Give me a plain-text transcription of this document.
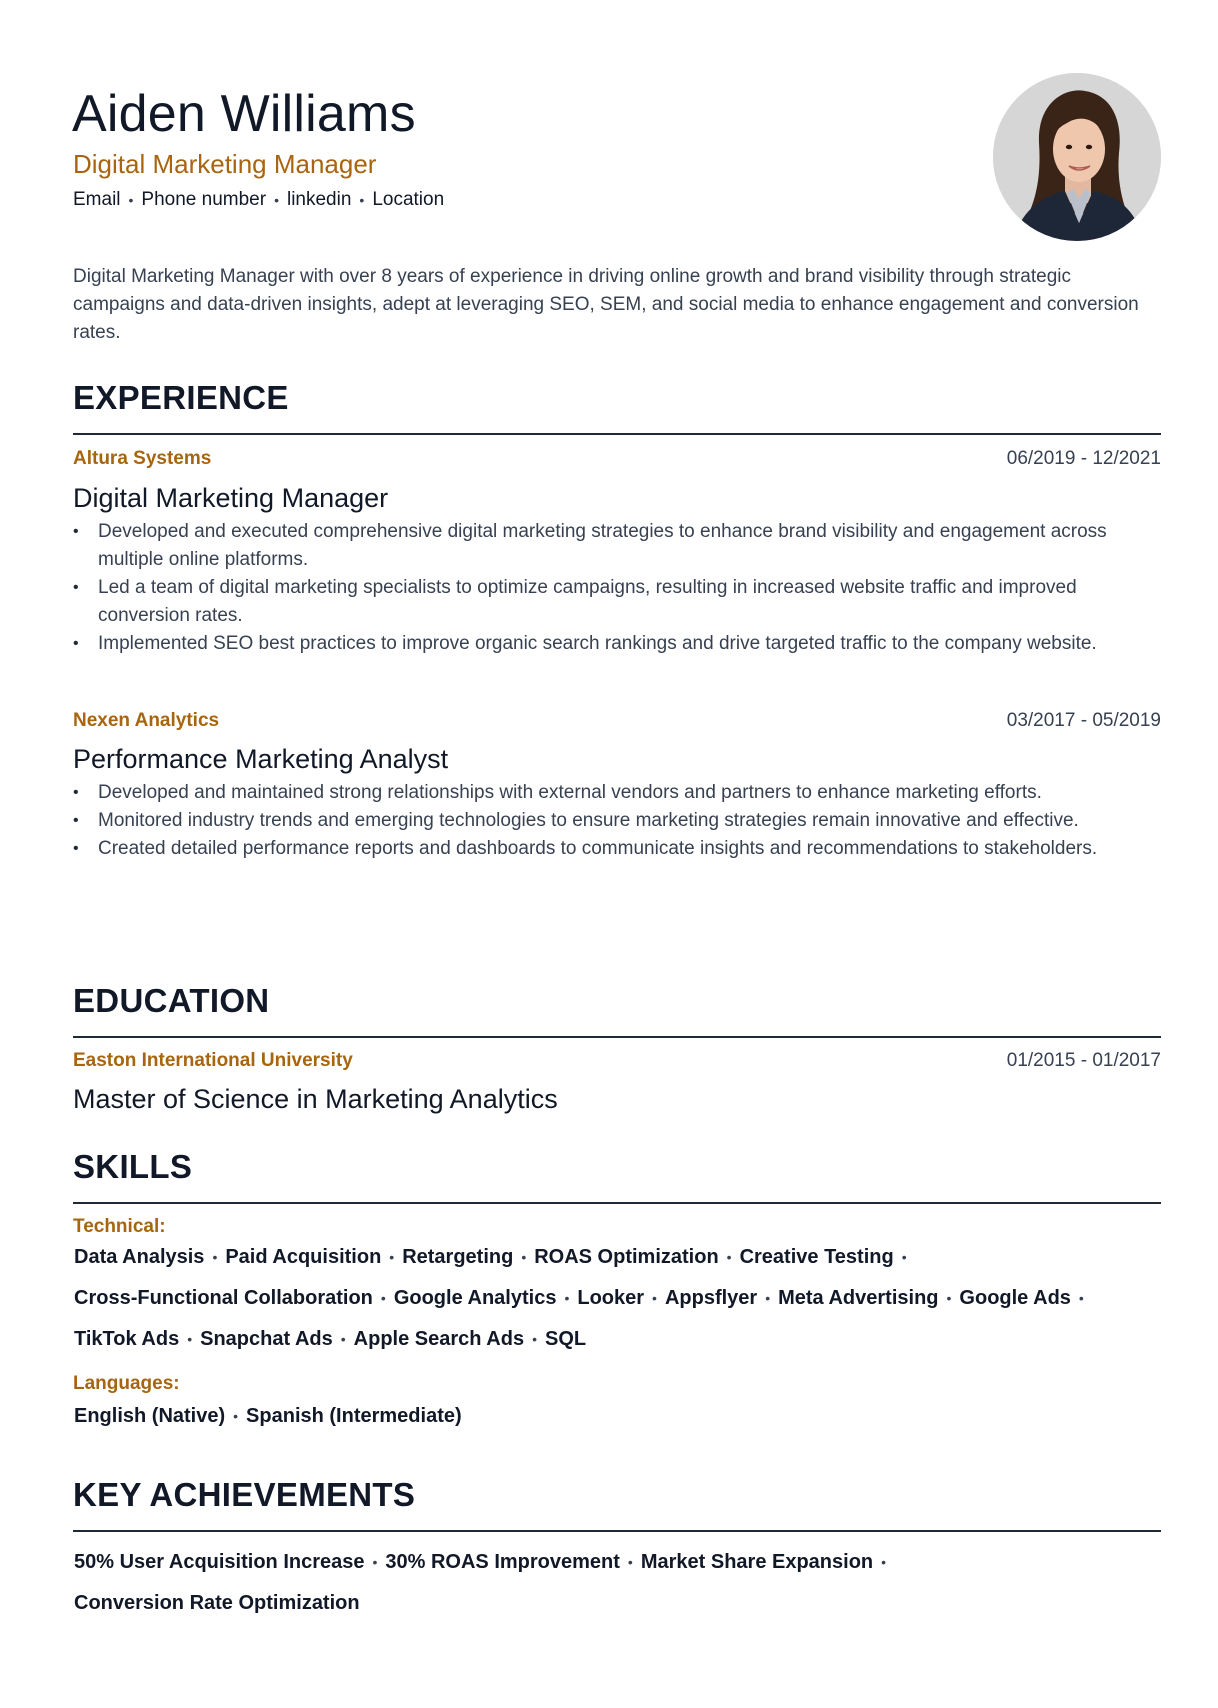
Aiden Williams
Digital Marketing Manager
Email • Phone number • linkedin • Location
Digital Marketing Manager with over 8 years of experience in driving online growth and brand visibility through strategic campaigns and data-driven insights, adept at leveraging SEO, SEM, and social media to enhance engagement and conversion rates.
EXPERIENCE
Altura Systems	06/2019 - 12/2021
Digital Marketing Manager
• Developed and executed comprehensive digital marketing strategies to enhance brand visibility and engagement across multiple online platforms.
• Led a team of digital marketing specialists to optimize campaigns, resulting in increased website traffic and improved conversion rates.
• Implemented SEO best practices to improve organic search rankings and drive targeted traffic to the company website.
Nexen Analytics	03/2017 - 05/2019
Performance Marketing Analyst
• Developed and maintained strong relationships with external vendors and partners to enhance marketing efforts.
• Monitored industry trends and emerging technologies to ensure marketing strategies remain innovative and effective.
• Created detailed performance reports and dashboards to communicate insights and recommendations to stakeholders.
EDUCATION
Easton International University	01/2015 - 01/2017
Master of Science in Marketing Analytics
SKILLS
Technical:
Data Analysis • Paid Acquisition • Retargeting • ROAS Optimization • Creative Testing •
Cross-Functional Collaboration • Google Analytics • Looker • Appsflyer • Meta Advertising • Google Ads •
TikTok Ads • Snapchat Ads • Apple Search Ads • SQL
Languages:
English (Native) • Spanish (Intermediate)
KEY ACHIEVEMENTS
50% User Acquisition Increase • 30% ROAS Improvement • Market Share Expansion •
Conversion Rate Optimization
